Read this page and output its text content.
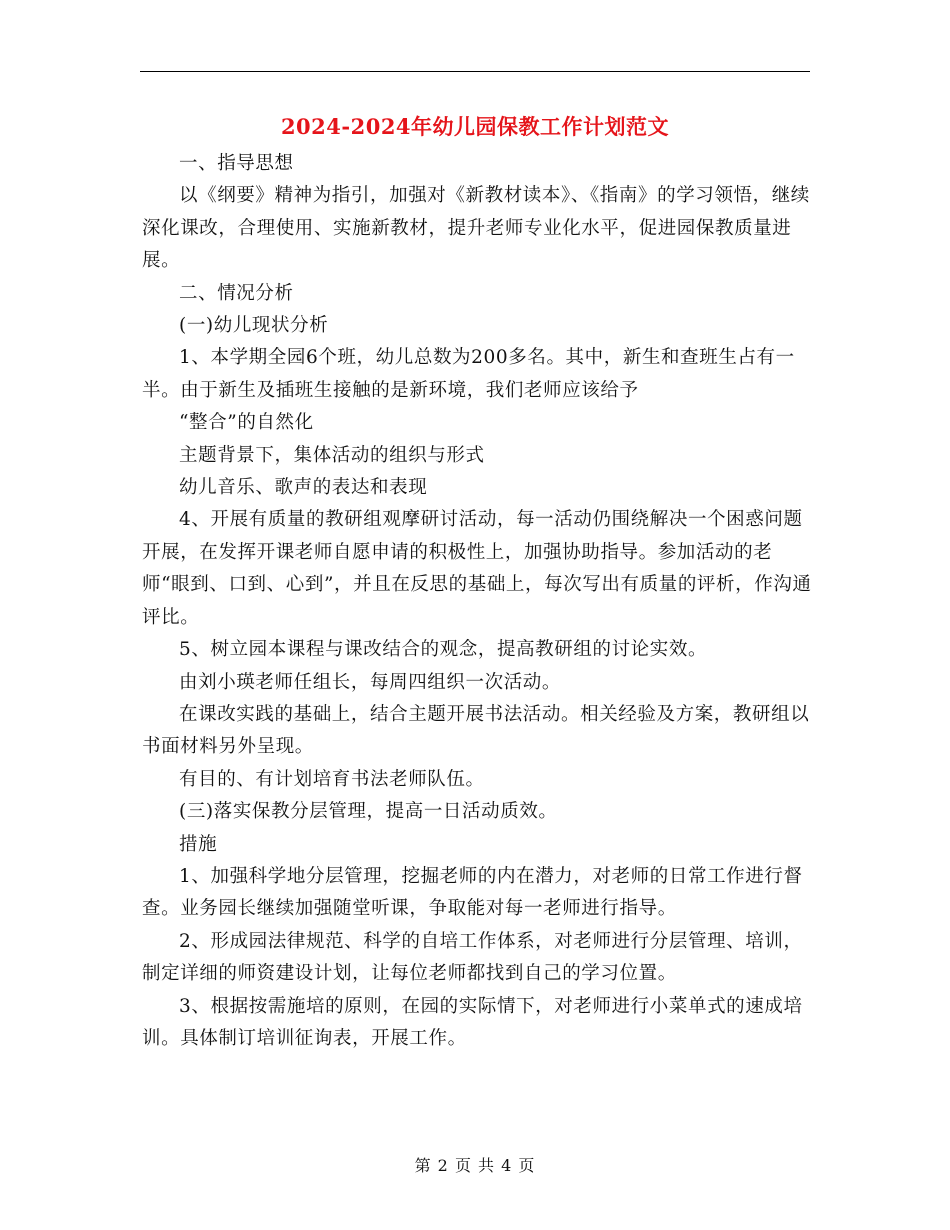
2024-2024年幼儿园保教工作计划范文

一、指导思想

以《纲要》精神为指引，加强对《新教材读本》、《指南》的学习领悟，继续深化课改，合理使用、实施新教材，提升老师专业化水平，促进园保教质量进展。

二、情况分析

(一)幼儿现状分析

1、本学期全园6个班，幼儿总数为200多名。其中，新生和查班生占有一半。由于新生及插班生接触的是新环境，我们老师应该给予

“整合”的自然化

主题背景下，集体活动的组织与形式

幼儿音乐、歌声的表达和表现

4、开展有质量的教研组观摩研讨活动，每一活动仍围绕解决一个困惑问题开展，在发挥开课老师自愿申请的积极性上，加强协助指导。参加活动的老师“眼到、口到、心到”，并且在反思的基础上，每次写出有质量的评析，作沟通评比。

5、树立园本课程与课改结合的观念，提高教研组的讨论实效。

由刘小瑛老师任组长，每周四组织一次活动。

在课改实践的基础上，结合主题开展书法活动。相关经验及方案，教研组以书面材料另外呈现。

有目的、有计划培育书法老师队伍。

(三)落实保教分层管理，提高一日活动质效。

措施

1、加强科学地分层管理，挖掘老师的内在潜力，对老师的日常工作进行督查。业务园长继续加强随堂听课，争取能对每一老师进行指导。

2、形成园法律规范、科学的自培工作体系，对老师进行分层管理、培训，制定详细的师资建设计划，让每位老师都找到自己的学习位置。

3、根据按需施培的原则，在园的实际情下，对老师进行小菜单式的速成培训。具体制订培训征询表，开展工作。

第 2 页 共 4 页
